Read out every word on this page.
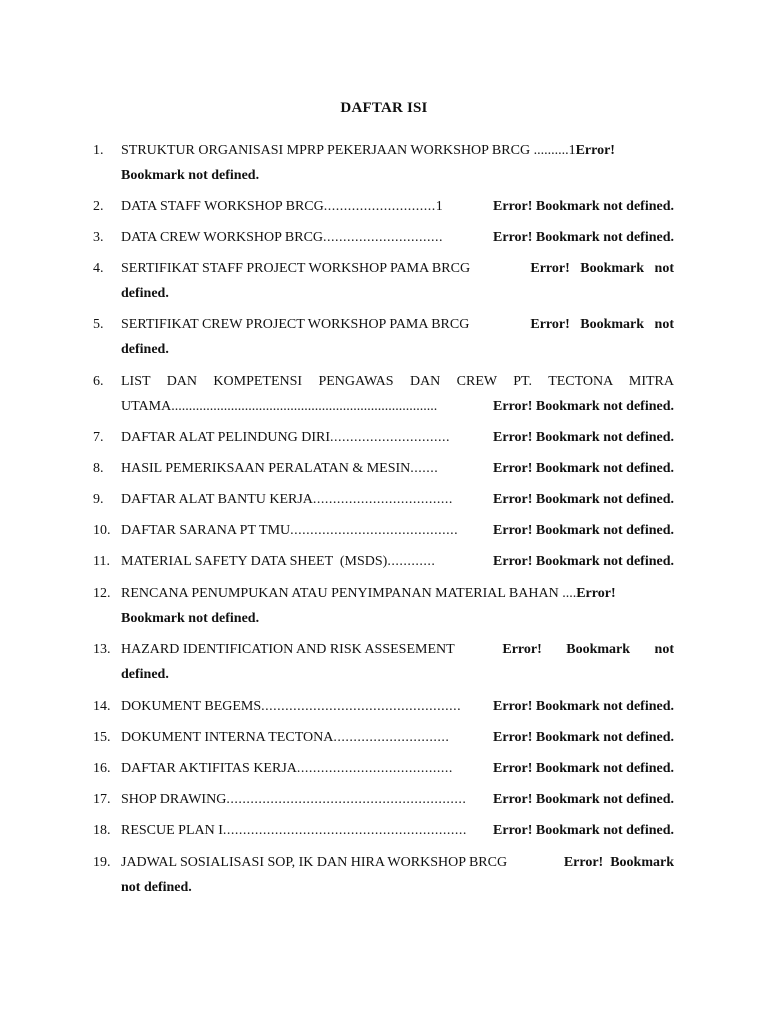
DAFTAR ISI
1. STRUKTUR ORGANISASI MPRP PEKERJAAN WORKSHOP BRCG ..........1Error!
Bookmark not defined.
2. DATA STAFF WORKSHOP BRCG ............................1	Error! Bookmark not defined.
3. DATA CREW WORKSHOP BRCG ..............................	Error! Bookmark not defined.
4. SERTIFIKAT STAFF PROJECT WORKSHOP PAMA BRCG	Error!   Bookmark   not
defined.
5. SERTIFIKAT CREW PROJECT WORKSHOP PAMA BRCG	Error!   Bookmark   not
defined.
6. LIST  DAN  KOMPETENSI  PENGAWAS  DAN  CREW  PT.  TECTONA  MITRA
UTAMA ............................................................................	Error! Bookmark not defined.
7. DAFTAR ALAT PELINDUNG DIRI ..............................	Error! Bookmark not defined.
8. HASIL PEMERIKSAAN PERALATAN & MESIN .......	Error! Bookmark not defined.
9. DAFTAR ALAT BANTU KERJA ...................................	Error! Bookmark not defined.
10. DAFTAR SARANA PT TMU ..........................................	Error! Bookmark not defined.
11. MATERIAL SAFETY DATA SHEET  (MSDS) ............	Error! Bookmark not defined.
12. RENCANA PENUMPUKAN ATAU PENYIMPANAN MATERIAL BAHAN ....Error!
Bookmark not defined.
13. HAZARD IDENTIFICATION AND RISK ASSESEMENT	Error!       Bookmark       not
defined.
14. DOKUMENT BEGEMS ..................................................	Error! Bookmark not defined.
15. DOKUMENT INTERNA TECTONA .............................	Error! Bookmark not defined.
16. DAFTAR AKTIFITAS KERJA .......................................	Error! Bookmark not defined.
17. SHOP DRAWING ............................................................	Error! Bookmark not defined.
18. RESCUE PLAN I .............................................................	Error! Bookmark not defined.
19. JADWAL SOSIALISASI SOP, IK DAN HIRA WORKSHOP BRCG	Error!  Bookmark
not defined.
